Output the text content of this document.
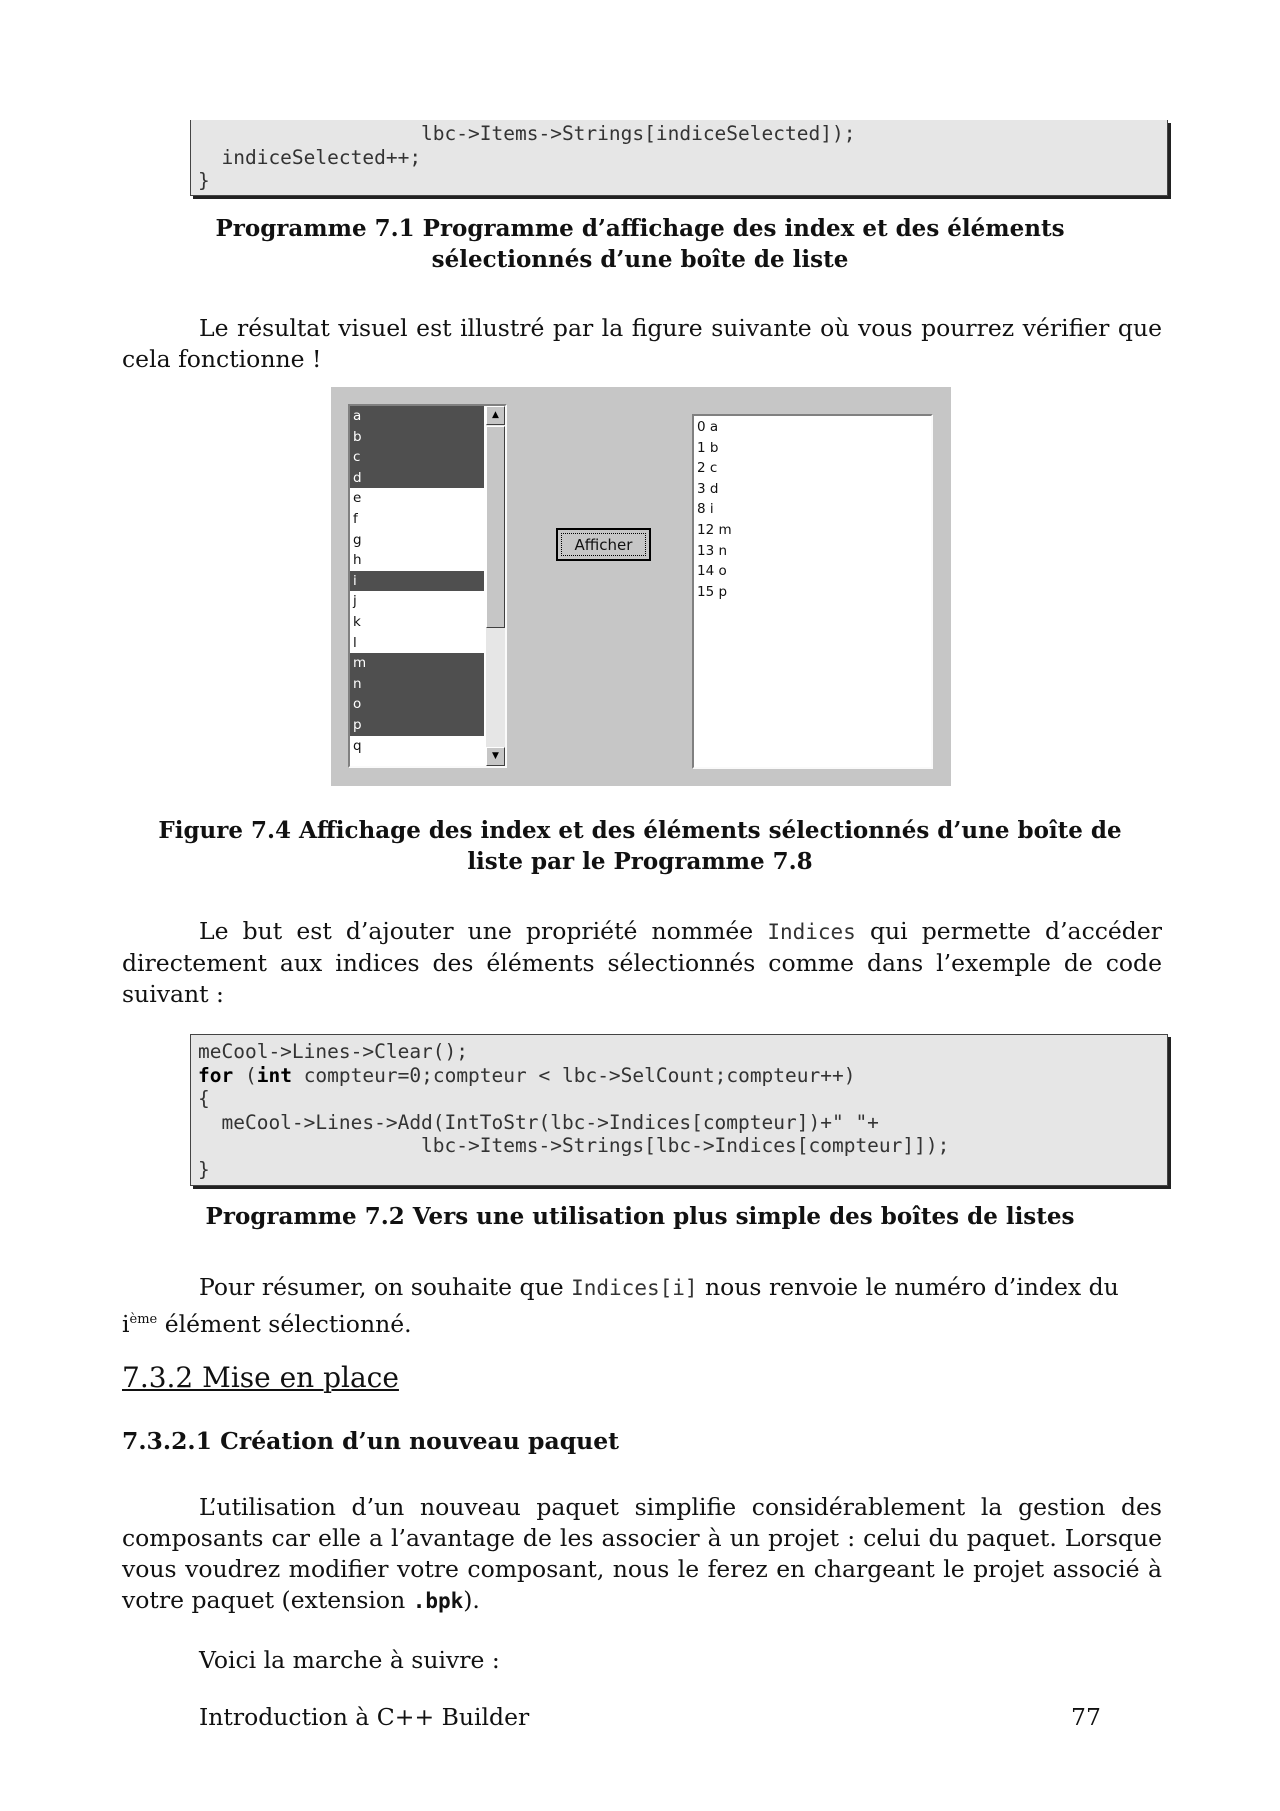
lbc->Items->Strings[indiceSelected]);
indiceSelected++;
}
Programme 7.1 Programme d’affichage des index et des éléments
sélectionnés d’une boîte de liste
Le résultat visuel est illustré par la figure suivante où vous pourrez vérifier que cela fonctionne !
a
b
c
d
e
f
g
h
i
j
k
l
m
n
o
p
q
▲
▼
Afficher
0 a
1 b
2 c
3 d
8 i
12 m
13 n
14 o
15 p
Figure 7.4 Affichage des index et des éléments sélectionnés d’une boîte de
liste par le Programme 7.8
Le but est d’ajouter une propriété nommée Indices qui permette d’accéder directement aux indices des éléments sélectionnés comme dans l’exemple de code suivant :
meCool->Lines->Clear();
for (int compteur=0;compteur < lbc->SelCount;compteur++)
{
meCool->Lines->Add(IntToStr(lbc->Indices[compteur])+" "+
lbc->Items->Strings[lbc->Indices[compteur]]);
}
Programme 7.2 Vers une utilisation plus simple des boîtes de listes
Pour résumer, on souhaite que Indices[i] nous renvoie le numéro d’index du
$i^{ème}$ élément sélectionné.
7.3.2 Mise en place
7.3.2.1 Création d’un nouveau paquet
L’utilisation d’un nouveau paquet simplifie considérablement la gestion des composants car elle a l’avantage de les associer à un projet : celui du paquet. Lorsque vous voudrez modifier votre composant, nous le ferez en chargeant le projet associé à votre paquet (extension .bpk).
Voici la marche à suivre :
Introduction à C++ Builder	77
